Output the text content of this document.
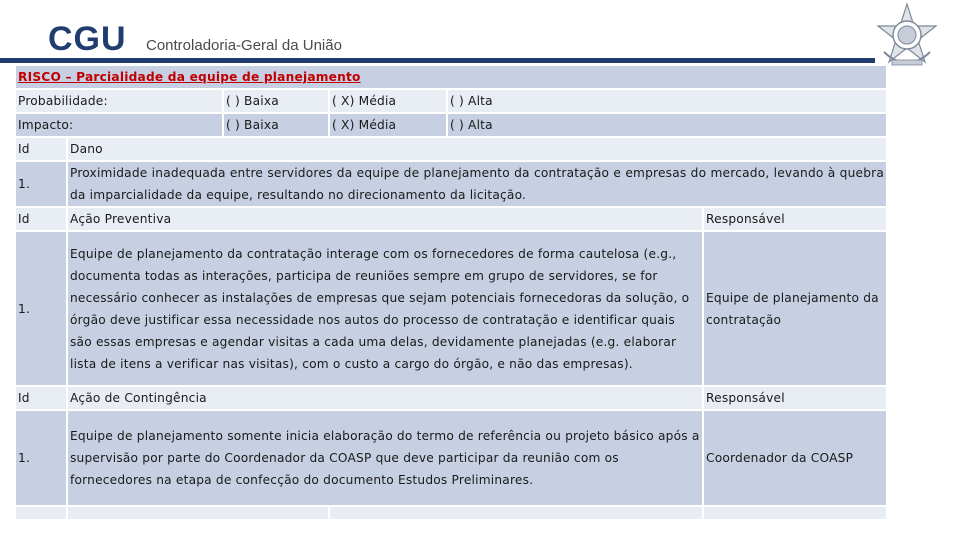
CGU Controladoria-Geral da União
RISCO – Parcialidade da equipe de planejamento					
Probabilidade:		( ) Baixa	( X) Média	( ) Alta	
Impacto:		( ) Baixa	( X) Média	( ) Alta	
Id	Dano				
1.	Proximidade inadequada entre servidores da equipe de planejamento da contratação e empresas do mercado, levando à quebra da imparcialidade da equipe, resultando no direcionamento da licitação.				
Id	Ação Preventiva				Responsável
1.	Equipe de planejamento da contratação interage com os fornecedores de forma cautelosa (e.g., documenta todas as interações, participa de reuniões sempre em grupo de servidores, se for necessário conhecer as instalações de empresas que sejam potenciais fornecedoras da solução, o órgão deve justificar essa necessidade nos autos do processo de contratação e identificar quais são essas empresas e agendar visitas a cada uma delas, devidamente planejadas (e.g. elaborar lista de itens a verificar nas visitas), com o custo a cargo do órgão, e não das empresas).				Equipe de planejamento da contratação
Id	Ação de Contingência				Responsável
1.	Equipe de planejamento somente inicia elaboração do termo de referência ou projeto básico após a supervisão por parte do Coordenador da COASP que deve participar da reunião com os fornecedores na etapa de confecção do documento Estudos Preliminares.				Coordenador da COASP
